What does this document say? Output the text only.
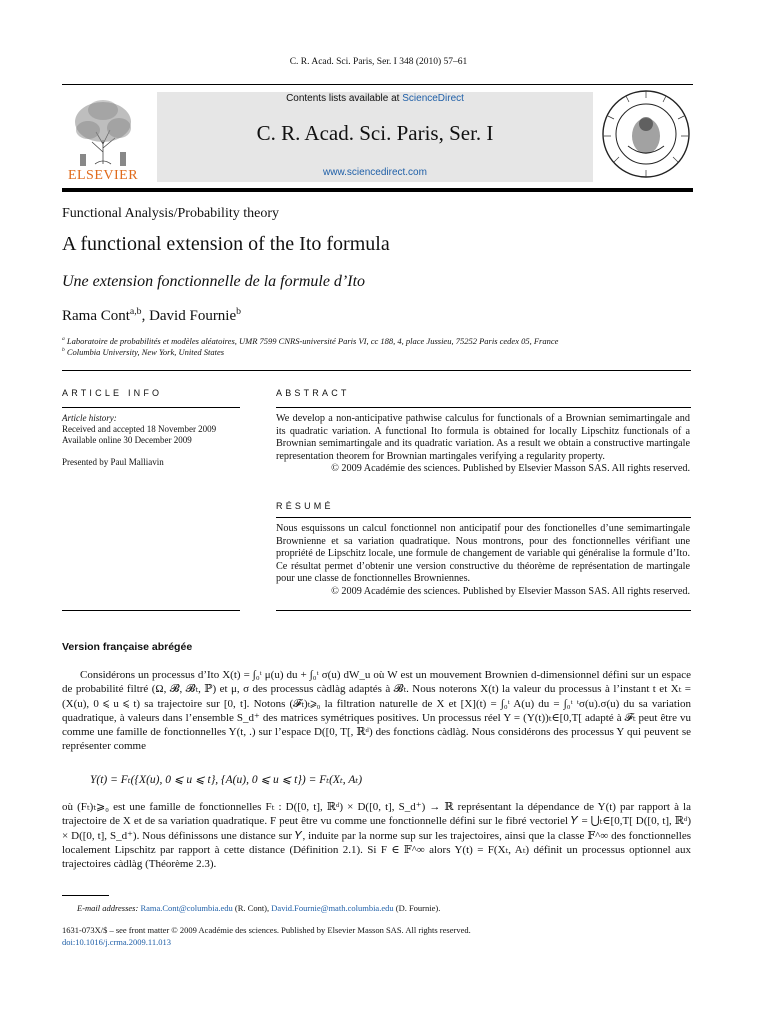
C. R. Acad. Sci. Paris, Ser. I 348 (2010) 57–61
ELSEVIER
Contents lists available at ScienceDirect
C. R. Acad. Sci. Paris, Ser. I
www.sciencedirect.com
Functional Analysis/Probability theory
A functional extension of the Ito formula
Une extension fonctionnelle de la formule d’Ito
Rama Cont$^{a,b}$, David Fournie$^b$
$^a$ Laboratoire de probabilités et modèles aléatoires, UMR 7599 CNRS-université Paris VI, cc 188, 4, place Jussieu, 75252 Paris cedex 05, France
$^b$ Columbia University, New York, United States
ARTICLE INFO
Article history:
Received and accepted 18 November 2009
Available online 30 December 2009
Presented by Paul Malliavin
ABSTRACT
We develop a non-anticipative pathwise calculus for functionals of a Brownian semimartingale and its quadratic variation. A functional Ito formula is obtained for locally Lipschitz functionals of a Brownian semimartingale and its quadratic variation. As a result we obtain a constructive martingale representation theorem for Brownian martingales verifying a regularity property.
© 2009 Académie des sciences. Published by Elsevier Masson SAS. All rights reserved.
RÉSUMÉ
Nous esquissons un calcul fonctionnel non anticipatif pour des fonctionelles d’une semimartingale Brownienne et sa variation quadratique. Nous montrons, pour des fonctionnelles vérifiant une propriété de Lipschitz locale, une formule de changement de variable qui généralise la formule d’Ito. Ce résultat permet d’obtenir une version constructive du théorème de représentation de martingale pour une classe de fonctionnelles Browniennes.
© 2009 Académie des sciences. Published by Elsevier Masson SAS. All rights reserved.
Version française abrégée
Considérons un processus d’Ito X(t) = ∫₀ᵗ μ(u) du + ∫₀ᵗ σ(u) dW_u où W est un mouvement Brownien d-dimensionnel défini sur un espace de probabilité filtré (Ω, 𝓑, 𝓑ₜ, ℙ) et μ, σ des processus càdlàg adaptés à 𝓑ₜ. Nous noterons X(t) la valeur du processus à l’instant t et Xₜ = (X(u), 0 ⩽ u ⩽ t) sa trajectoire sur [0, t]. Notons (𝓕ₜ)ₜ⩾₀ la filtration naturelle de X et [X](t) = ∫₀ᵗ A(u) du = ∫₀ᵗ ᵗσ(u).σ(u) du sa variation quadratique, à valeurs dans l’ensemble S_d⁺ des matrices symétriques positives. Un processus réel Y = (Y(t))ₜ∈[0,T[ adapté à 𝓕ₜ peut être vu comme une famille de fonctionnelles Y(t, .) sur l’espace D([0, T[, ℝᵈ) des fonctions càdlàg. Nous considérons des processus Y qui peuvent se représenter comme
Y(t) = Fₜ({X(u), 0 ⩽ u ⩽ t}, {A(u), 0 ⩽ u ⩽ t}) = Fₜ(Xₜ, Aₜ)
où (Fₜ)ₜ⩾₀ est une famille de fonctionnelles Fₜ : D([0, t], ℝᵈ) × D([0, t], S_d⁺) → ℝ représentant la dépendance de Y(t) par rapport à la trajectoire de X et de sa variation quadratique. F peut être vu comme une fonctionnelle défini sur le fibré vectoriel 𝛶 = ⋃ₜ∈[0,T[ D([0, t], ℝᵈ) × D([0, t], S_d⁺). Nous définissons une distance sur 𝛶, induite par la norme sup sur les trajectoires, ainsi que la classe 𝔽^∞ des fonctionnelles localement Lipschitz par rapport à cette distance (Définition 2.1). Si F ∈ 𝔽^∞ alors Y(t) = F(Xₜ, Aₜ) définit un processus optionnel aux trajectoires càdlàg (Théorème 2.3).
E-mail addresses: Rama.Cont@columbia.edu (R. Cont), David.Fournie@math.columbia.edu (D. Fournie).
1631-073X/$ – see front matter © 2009 Académie des sciences. Published by Elsevier Masson SAS. All rights reserved.
doi:10.1016/j.crma.2009.11.013
